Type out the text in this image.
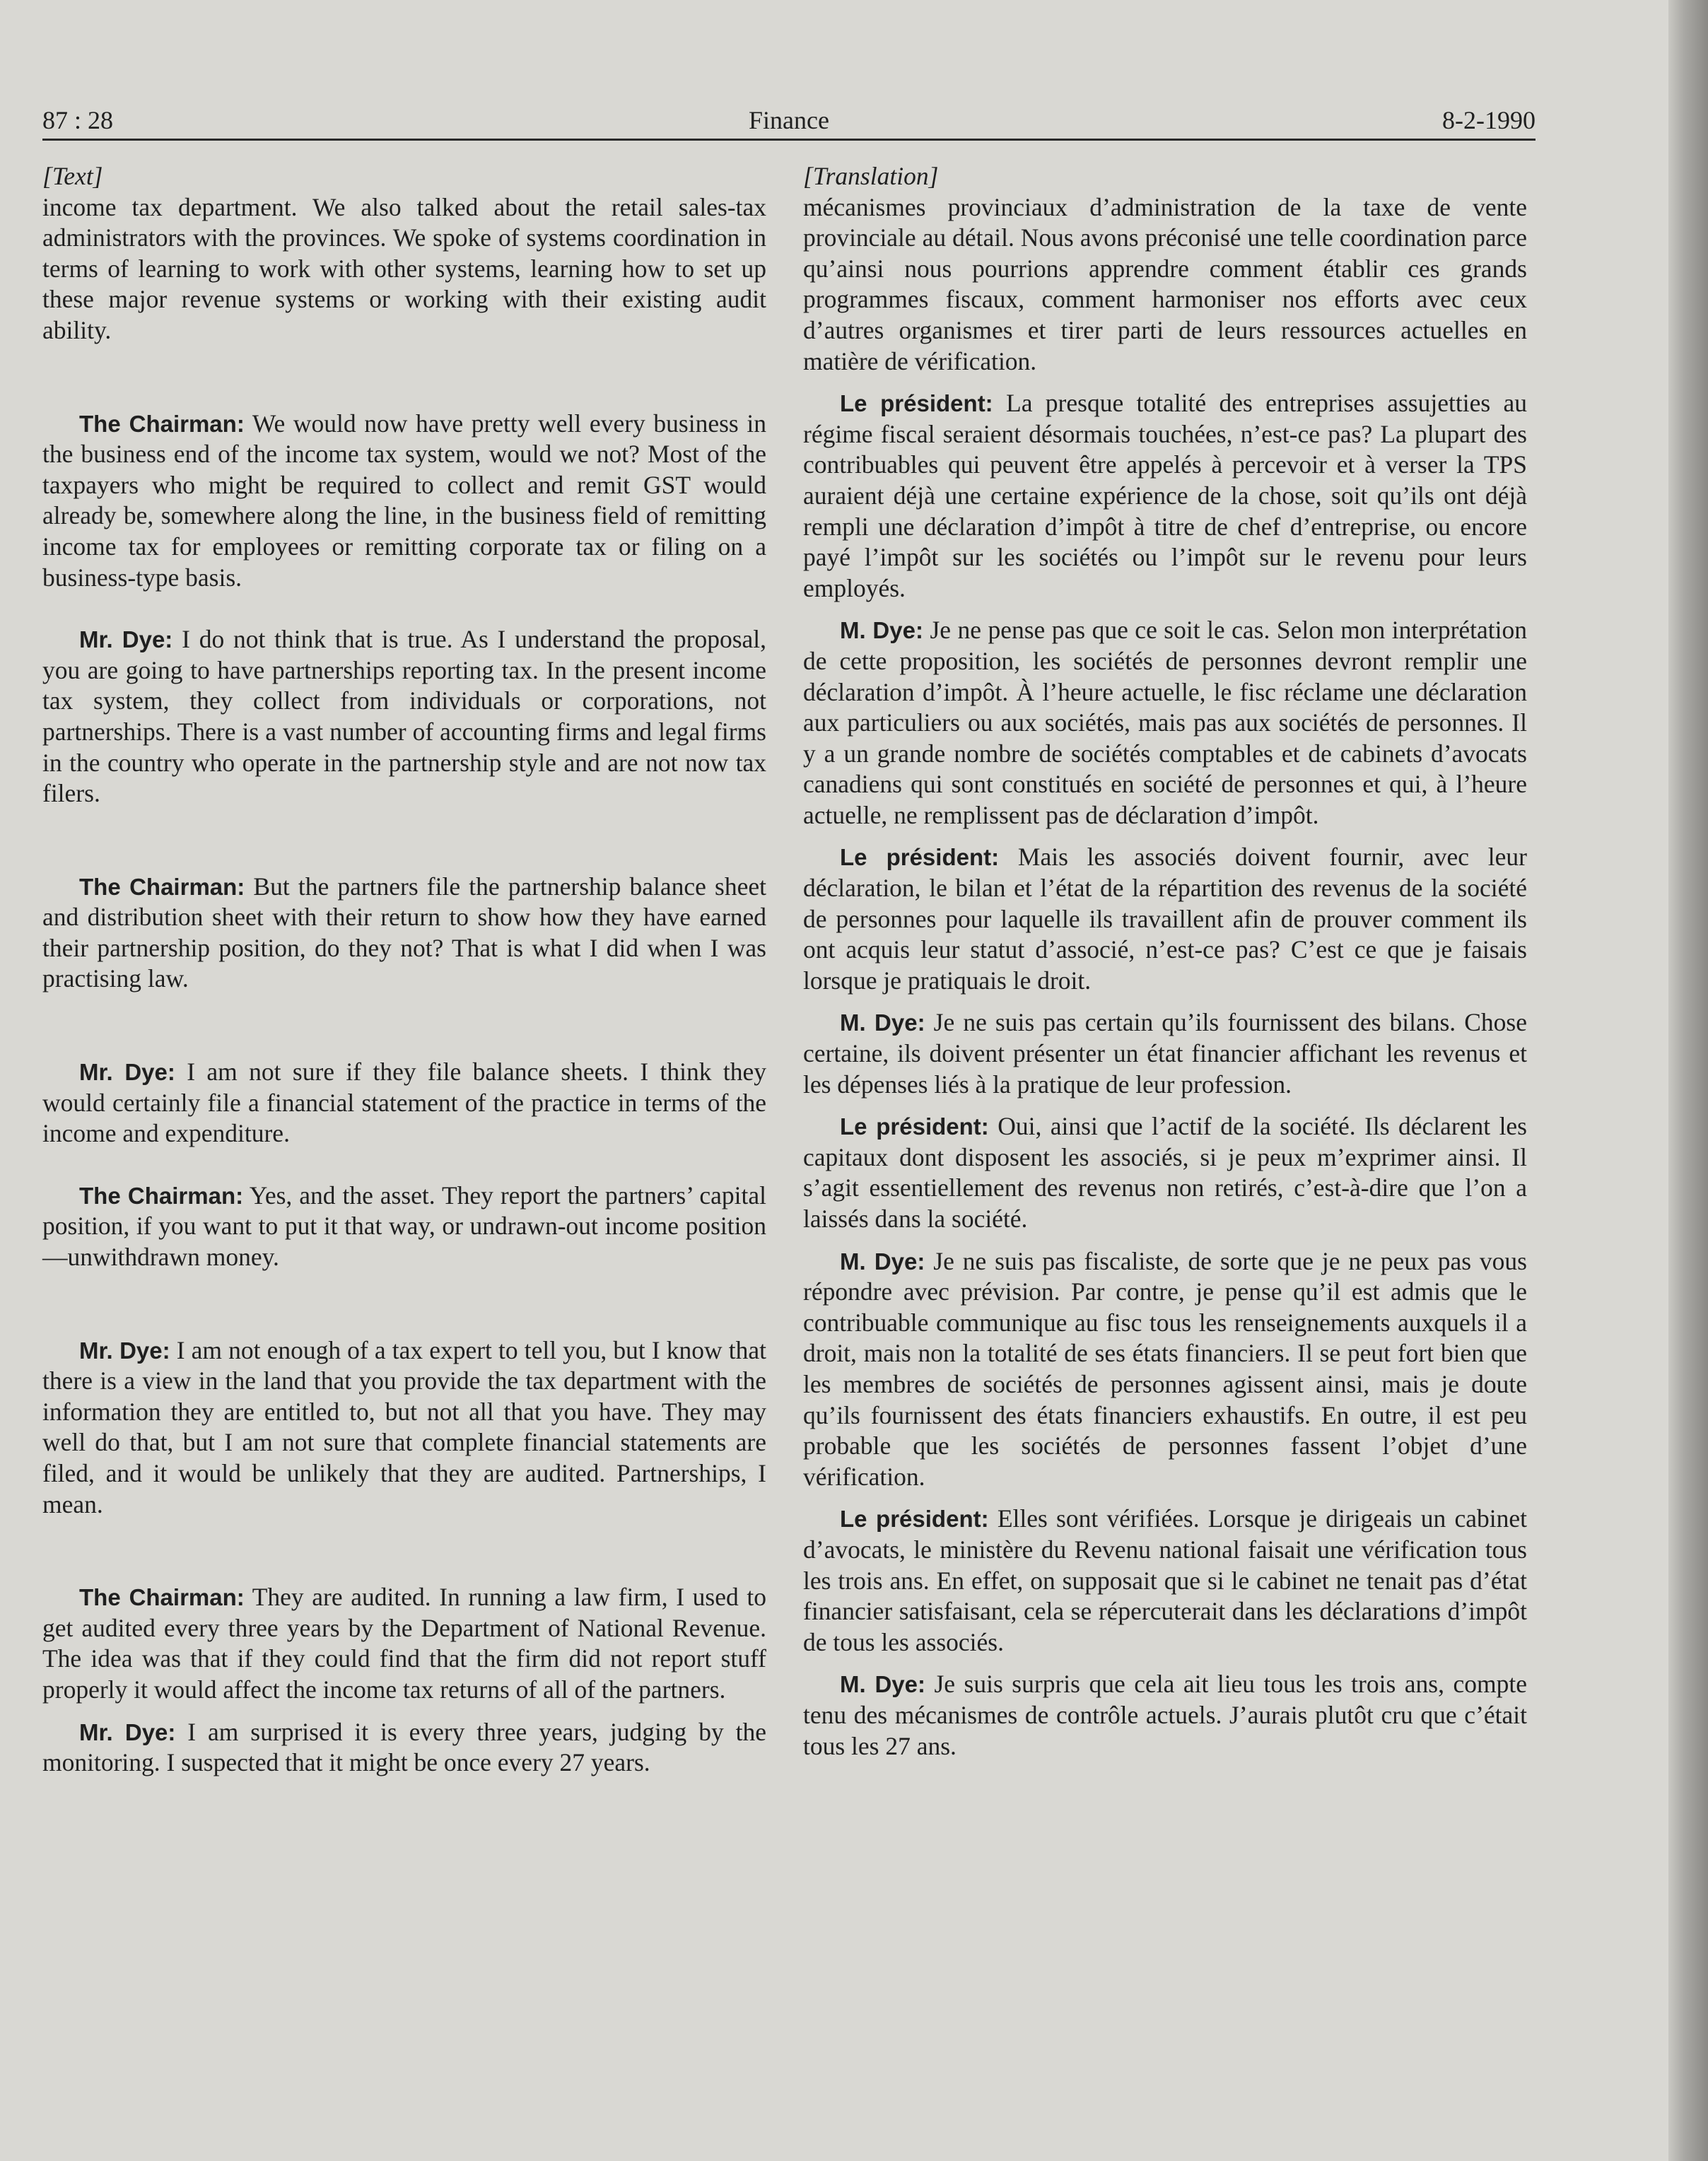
87 : 28	Finance	8-2-1990
[Text]

income tax department. We also talked about the retail sales-tax administrators with the provinces. We spoke of systems coordination in terms of learning to work with other systems, learning how to set up these major revenue systems or working with their existing audit ability.

The Chairman: We would now have pretty well every business in the business end of the income tax system, would we not? Most of the taxpayers who might be required to collect and remit GST would already be, somewhere along the line, in the business field of remitting income tax for employees or remitting corporate tax or filing on a business-type basis.

Mr. Dye: I do not think that is true. As I understand the proposal, you are going to have partnerships reporting tax. In the present income tax system, they collect from individuals or corporations, not partnerships. There is a vast number of accounting firms and legal firms in the country who operate in the partnership style and are not now tax filers.

The Chairman: But the partners file the partnership balance sheet and distribution sheet with their return to show how they have earned their partnership position, do they not? That is what I did when I was practising law.

Mr. Dye: I am not sure if they file balance sheets. I think they would certainly file a financial statement of the practice in terms of the income and expenditure.

The Chairman: Yes, and the asset. They report the partners’ capital position, if you want to put it that way, or undrawn-out income position—unwithdrawn money.

Mr. Dye: I am not enough of a tax expert to tell you, but I know that there is a view in the land that you provide the tax department with the information they are entitled to, but not all that you have. They may well do that, but I am not sure that complete financial statements are filed, and it would be unlikely that they are audited. Partnerships, I mean.

The Chairman: They are audited. In running a law firm, I used to get audited every three years by the Department of National Revenue. The idea was that if they could find that the firm did not report stuff properly it would affect the income tax returns of all of the partners.

Mr. Dye: I am surprised it is every three years, judging by the monitoring. I suspected that it might be once every 27 years.

[Translation]

mécanismes provinciaux d’administration de la taxe de vente provinciale au détail. Nous avons préconisé une telle coordination parce qu’ainsi nous pourrions apprendre comment établir ces grands programmes fiscaux, comment harmoniser nos efforts avec ceux d’autres organismes et tirer parti de leurs ressources actuelles en matière de vérification.

Le président: La presque totalité des entreprises assujetties au régime fiscal seraient désormais touchées, n’est-ce pas? La plupart des contribuables qui peuvent être appelés à percevoir et à verser la TPS auraient déjà une certaine expérience de la chose, soit qu’ils ont déjà rempli une déclaration d’impôt à titre de chef d’entreprise, ou encore payé l’impôt sur les sociétés ou l’impôt sur le revenu pour leurs employés.

M. Dye: Je ne pense pas que ce soit le cas. Selon mon interprétation de cette proposition, les sociétés de personnes devront remplir une déclaration d’impôt. À l’heure actuelle, le fisc réclame une déclaration aux particuliers ou aux sociétés, mais pas aux sociétés de personnes. Il y a un grande nombre de sociétés comptables et de cabinets d’avocats canadiens qui sont constitués en société de personnes et qui, à l’heure actuelle, ne remplissent pas de déclaration d’impôt.

Le président: Mais les associés doivent fournir, avec leur déclaration, le bilan et l’état de la répartition des revenus de la société de personnes pour laquelle ils travaillent afin de prouver comment ils ont acquis leur statut d’associé, n’est-ce pas? C’est ce que je faisais lorsque je pratiquais le droit.

M. Dye: Je ne suis pas certain qu’ils fournissent des bilans. Chose certaine, ils doivent présenter un état financier affichant les revenus et les dépenses liés à la pratique de leur profession.

Le président: Oui, ainsi que l’actif de la société. Ils déclarent les capitaux dont disposent les associés, si je peux m’exprimer ainsi. Il s’agit essentiellement des revenus non retirés, c’est-à-dire que l’on a laissés dans la société.

M. Dye: Je ne suis pas fiscaliste, de sorte que je ne peux pas vous répondre avec prévision. Par contre, je pense qu’il est admis que le contribuable communique au fisc tous les renseignements auxquels il a droit, mais non la totalité de ses états financiers. Il se peut fort bien que les membres de sociétés de personnes agissent ainsi, mais je doute qu’ils fournissent des états financiers exhaustifs. En outre, il est peu probable que les sociétés de personnes fassent l’objet d’une vérification.

Le président: Elles sont vérifiées. Lorsque je dirigeais un cabinet d’avocats, le ministère du Revenu national faisait une vérification tous les trois ans. En effet, on supposait que si le cabinet ne tenait pas d’état financier satisfaisant, cela se répercuterait dans les déclarations d’impôt de tous les associés.

M. Dye: Je suis surpris que cela ait lieu tous les trois ans, compte tenu des mécanismes de contrôle actuels. J’aurais plutôt cru que c’était tous les 27 ans.
